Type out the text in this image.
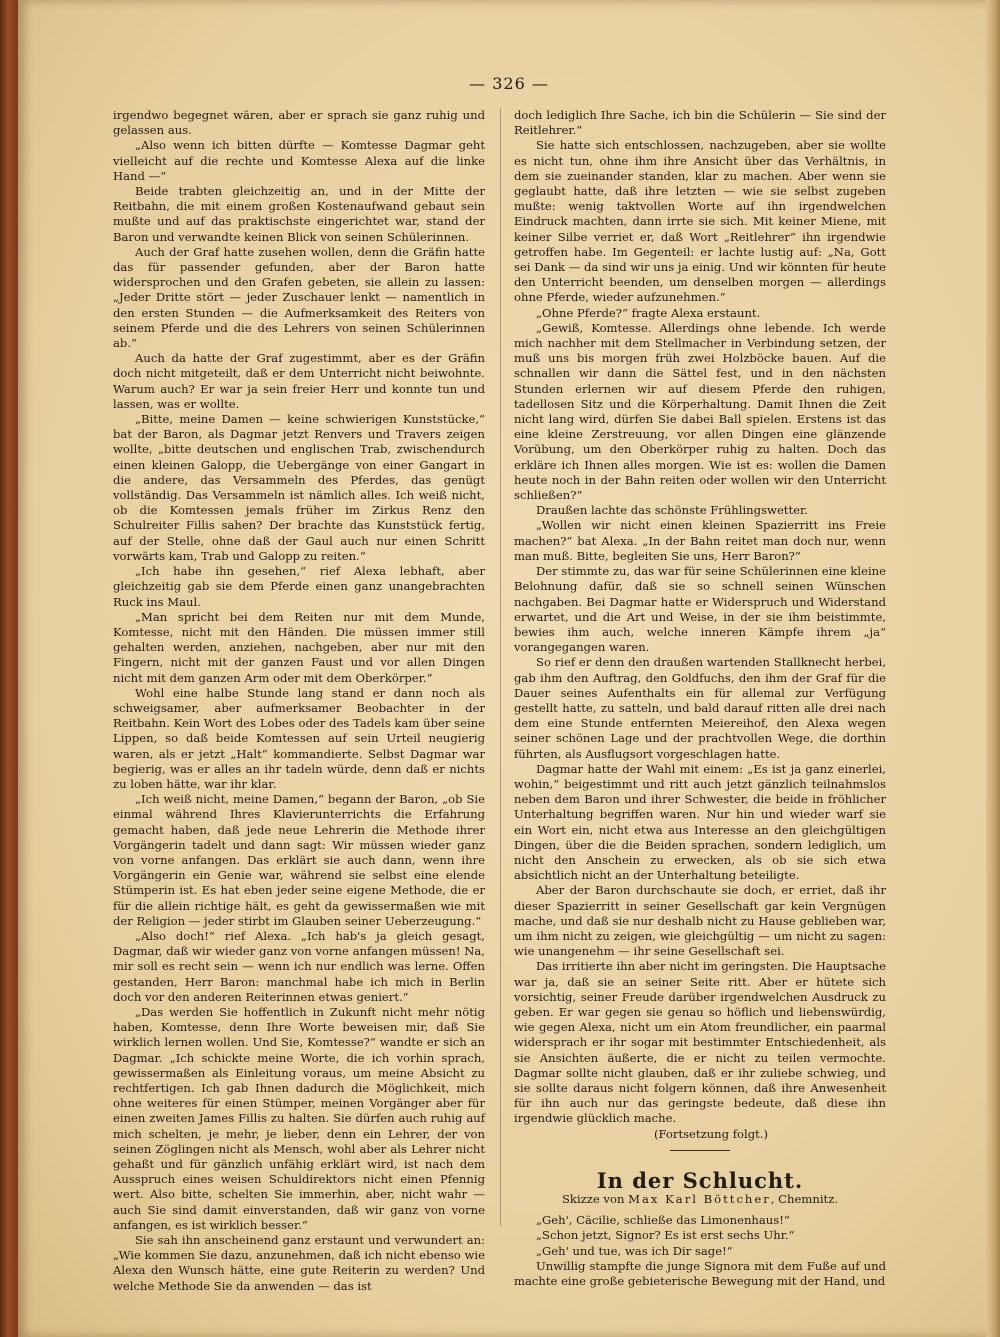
— 326 —

irgendwo begegnet wären, aber er sprach sie ganz ruhig und gelassen aus.

„Also wenn ich bitten dürfte — Komtesse Dagmar geht vielleicht auf die rechte und Komtesse Alexa auf die linke Hand —“

Beide trabten gleichzeitig an, und in der Mitte der Reitbahn, die mit einem großen Kostenaufwand gebaut sein mußte und auf das praktischste eingerichtet war, stand der Baron und verwandte keinen Blick von seinen Schülerinnen.

Auch der Graf hatte zusehen wollen, denn die Gräfin hatte das für passender gefunden, aber der Baron hatte widersprochen und den Grafen gebeten, sie allein zu lassen: „Jeder Dritte stört — jeder Zuschauer lenkt — namentlich in den ersten Stunden — die Aufmerksamkeit des Reiters von seinem Pferde und die des Lehrers von seinen Schülerinnen ab.“

Auch da hatte der Graf zugestimmt, aber es der Gräfin doch nicht mitgeteilt, daß er dem Unterricht nicht beiwohnte. Warum auch? Er war ja sein freier Herr und konnte tun und lassen, was er wollte.

„Bitte, meine Damen — keine schwierigen Kunststücke,“ bat der Baron, als Dagmar jetzt Renvers und Travers zeigen wollte, „bitte deutschen und englischen Trab, zwischendurch einen kleinen Galopp, die Uebergänge von einer Gangart in die andere, das Versammeln des Pferdes, das genügt vollständig. Das Versammeln ist nämlich alles. Ich weiß nicht, ob die Komtessen jemals früher im Zirkus Renz den Schulreiter Fillis sahen? Der brachte das Kunststück fertig, auf der Stelle, ohne daß der Gaul auch nur einen Schritt vorwärts kam, Trab und Galopp zu reiten.“

„Ich habe ihn gesehen,“ rief Alexa lebhaft, aber gleichzeitig gab sie dem Pferde einen ganz unangebrachten Ruck ins Maul.

„Man spricht bei dem Reiten nur mit dem Munde, Komtesse, nicht mit den Händen. Die müssen immer still gehalten werden, anziehen, nachgeben, aber nur mit den Fingern, nicht mit der ganzen Faust und vor allen Dingen nicht mit dem ganzen Arm oder mit dem Oberkörper.“

Wohl eine halbe Stunde lang stand er dann noch als schweigsamer, aber aufmerksamer Beobachter in der Reitbahn. Kein Wort des Lobes oder des Tadels kam über seine Lippen, so daß beide Komtessen auf sein Urteil neugierig waren, als er jetzt „Halt“ kommandierte. Selbst Dagmar war begierig, was er alles an ihr tadeln würde, denn daß er nichts zu loben hätte, war ihr klar.

„Ich weiß nicht, meine Damen,“ begann der Baron, „ob Sie einmal während Ihres Klavierunterrichts die Erfahrung gemacht haben, daß jede neue Lehrerin die Methode ihrer Vorgängerin tadelt und dann sagt: Wir müssen wieder ganz von vorne anfangen. Das erklärt sie auch dann, wenn ihre Vorgängerin ein Genie war, während sie selbst eine elende Stümperin ist. Es hat eben jeder seine eigene Methode, die er für die allein richtige hält, es geht da gewissermaßen wie mit der Religion — jeder stirbt im Glauben seiner Ueberzeugung.“

„Also doch!“ rief Alexa. „Ich hab's ja gleich gesagt, Dagmar, daß wir wieder ganz von vorne anfangen müssen! Na, mir soll es recht sein — wenn ich nur endlich was lerne. Offen gestanden, Herr Baron: manchmal habe ich mich in Berlin doch vor den anderen Reiterinnen etwas geniert.“

„Das werden Sie hoffentlich in Zukunft nicht mehr nötig haben, Komtesse, denn Ihre Worte beweisen mir, daß Sie wirklich lernen wollen. Und Sie, Komtesse?“ wandte er sich an Dagmar. „Ich schickte meine Worte, die ich vorhin sprach, gewissermaßen als Einleitung voraus, um meine Absicht zu rechtfertigen. Ich gab Ihnen dadurch die Möglichkeit, mich ohne weiteres für einen Stümper, meinen Vorgänger aber für einen zweiten James Fillis zu halten. Sie dürfen auch ruhig auf mich schelten, je mehr, je lieber, denn ein Lehrer, der von seinen Zöglingen nicht als Mensch, wohl aber als Lehrer nicht gehaßt und für gänzlich unfähig erklärt wird, ist nach dem Ausspruch eines weisen Schuldirektors nicht einen Pfennig wert. Also bitte, schelten Sie immerhin, aber, nicht wahr — auch Sie sind damit einverstanden, daß wir ganz von vorne anfangen, es ist wirklich besser.“

Sie sah ihn anscheinend ganz erstaunt und verwundert an: „Wie kommen Sie dazu, anzunehmen, daß ich nicht ebenso wie Alexa den Wunsch hätte, eine gute Reiterin zu werden? Und welche Methode Sie da anwenden — das ist

doch lediglich Ihre Sache, ich bin die Schülerin — Sie sind der Reitlehrer.“

Sie hatte sich entschlossen, nachzugeben, aber sie wollte es nicht tun, ohne ihm ihre Ansicht über das Verhältnis, in dem sie zueinander standen, klar zu machen. Aber wenn sie geglaubt hatte, daß ihre letzten — wie sie selbst zugeben mußte: wenig taktvollen Worte auf ihn irgendwelchen Eindruck machten, dann irrte sie sich. Mit keiner Miene, mit keiner Silbe verriet er, daß Wort „Reitlehrer“ ihn irgendwie getroffen habe. Im Gegenteil: er lachte lustig auf: „Na, Gott sei Dank — da sind wir uns ja einig. Und wir könnten für heute den Unterricht beenden, um denselben morgen — allerdings ohne Pferde, wieder aufzunehmen.“

„Ohne Pferde?“ fragte Alexa erstaunt.

„Gewiß, Komtesse. Allerdings ohne lebende. Ich werde mich nachher mit dem Stellmacher in Verbindung setzen, der muß uns bis morgen früh zwei Holzböcke bauen. Auf die schnallen wir dann die Sättel fest, und in den nächsten Stunden erlernen wir auf diesem Pferde den ruhigen, tadellosen Sitz und die Körperhaltung. Damit Ihnen die Zeit nicht lang wird, dürfen Sie dabei Ball spielen. Erstens ist das eine kleine Zerstreuung, vor allen Dingen eine glänzende Vorübung, um den Oberkörper ruhig zu halten. Doch das erkläre ich Ihnen alles morgen. Wie ist es: wollen die Damen heute noch in der Bahn reiten oder wollen wir den Unterricht schließen?“

Draußen lachte das schönste Frühlingswetter.

„Wollen wir nicht einen kleinen Spazierritt ins Freie machen?“ bat Alexa. „In der Bahn reitet man doch nur, wenn man muß. Bitte, begleiten Sie uns, Herr Baron?“

Der stimmte zu, das war für seine Schülerinnen eine kleine Belohnung dafür, daß sie so schnell seinen Wünschen nachgaben. Bei Dagmar hatte er Widerspruch und Widerstand erwartet, und die Art und Weise, in der sie ihm beistimmte, bewies ihm auch, welche inneren Kämpfe ihrem „ja“ vorangegangen waren.

So rief er denn den draußen wartenden Stallknecht herbei, gab ihm den Auftrag, den Goldfuchs, den ihm der Graf für die Dauer seines Aufenthalts ein für allemal zur Verfügung gestellt hatte, zu satteln, und bald darauf ritten alle drei nach dem eine Stunde entfernten Meiereihof, den Alexa wegen seiner schönen Lage und der prachtvollen Wege, die dorthin führten, als Ausflugsort vorgeschlagen hatte.

Dagmar hatte der Wahl mit einem: „Es ist ja ganz einerlei, wohin,“ beigestimmt und ritt auch jetzt gänzlich teilnahmslos neben dem Baron und ihrer Schwester, die beide in fröhlicher Unterhaltung begriffen waren. Nur hin und wieder warf sie ein Wort ein, nicht etwa aus Interesse an den gleichgültigen Dingen, über die die Beiden sprachen, sondern lediglich, um nicht den Anschein zu erwecken, als ob sie sich etwa absichtlich nicht an der Unterhaltung beteiligte.

Aber der Baron durchschaute sie doch, er erriet, daß ihr dieser Spazierritt in seiner Gesellschaft gar kein Vergnügen mache, und daß sie nur deshalb nicht zu Hause geblieben war, um ihm nicht zu zeigen, wie gleichgültig — um nicht zu sagen: wie unangenehm — ihr seine Gesellschaft sei.

Das irritierte ihn aber nicht im geringsten. Die Hauptsache war ja, daß sie an seiner Seite ritt. Aber er hütete sich vorsichtig, seiner Freude darüber irgendwelchen Ausdruck zu geben. Er war gegen sie genau so höflich und liebenswürdig, wie gegen Alexa, nicht um ein Atom freundlicher, ein paarmal widersprach er ihr sogar mit bestimmter Entschiedenheit, als sie Ansichten äußerte, die er nicht zu teilen vermochte. Dagmar sollte nicht glauben, daß er ihr zuliebe schwieg, und sie sollte daraus nicht folgern können, daß ihre Anwesenheit für ihn auch nur das geringste bedeute, daß diese ihn irgendwie glücklich mache.

(Fortsetzung folgt.)

In der Schlucht.
Skizze von Max Karl Böttcher, Chemnitz.

„Geh', Cäcilie, schließe das Limonenhaus!“

„Schon jetzt, Signor? Es ist erst sechs Uhr.“

„Geh' und tue, was ich Dir sage!“

Unwillig stampfte die junge Signora mit dem Fuße auf und machte eine große gebieterische Bewegung mit der Hand, und
